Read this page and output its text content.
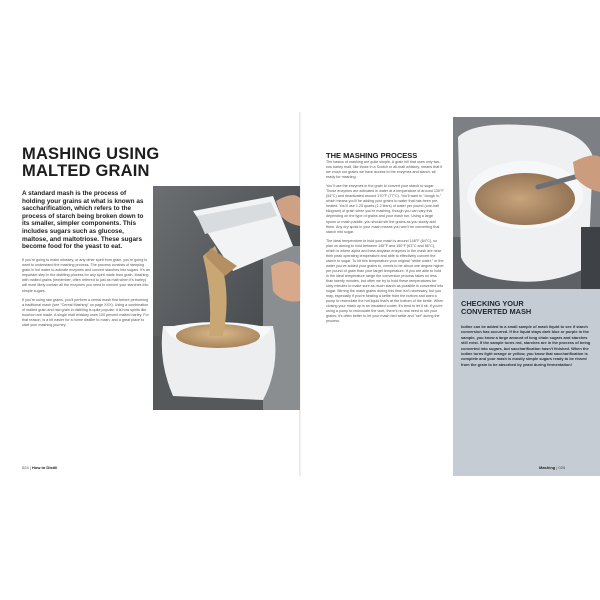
MASHING USING
MALTED GRAIN

A standard mash is the process of holding your grains at what is known as saccharification, which refers to the process of starch being broken down to its smaller, simpler components. This includes sugars such as glucose, maltose, and maltotriose. These sugars become food for the yeast to eat.

If you're going to make whiskey, or any other spirit from grain, you're going to want to understand the mashing process. The process consists of steeping grain in hot water to activate enzymes and convert starches into sugars. It's an important step in the distilling process for any spirit made from grain. Mashing with malted grains (remember, often referred to just as malt when it's barley) will most likely contain all the enzymes you need to convert your starches into simple sugars.

If you're using raw grains, you'll perform a cereal mash first before performing a traditional mash (see "Cereal Mashing" on page XXX). Using a combination of malted grain and raw grain in distilling is quite popular: it is how spirits like bourbon are made. A single malt whiskey uses 100 percent malted barley. For that reason, is a bit easier for a home distiller to mash, and a great place to start your mashing journey.

024 | How to Distill
THE MASHING PROCESS

The basics of mashing are quite simple. A grain bill that uses only two-row barley malt, like those in a Scotch or all-malt whiskey, means that if we crush our grains we have access to the enzymes and starch, all ready for mashing.

You'll use the enzymes in the grain to convert your starch to sugar. Those enzymes are activated in water at a temperature of around 130°F (54°C) and deactivated around 170°F (77°C). You'll want to "dough in," which means you'll be adding your grains to water that has been pre-heated. You'll use 1.25 quarts (1.2 liters) of water per pound (one-half kilogram) of grain when you're mashing, though you can vary this depending on the type of grains and your mash tun. Using a large spoon or mash paddle, you should stir the grains as you slowly add them. Any dry spots in your mash means you won't be converting that starch into sugar.

The ideal temperature to hold your mash is around 148°F (64°C), so plan on aiming to hold between 145°F and 150°F (63°C and 66°C), which is where alpha and beta amylase enzymes in the mash are near their peak operating temperature and able to effectively convert the starch to sugar. To hit this temperature your original "strike water," or the water you've added your grains to, needs to be about one degree higher per pound of grain than your target temperature. If you are able to hold in the ideal temperature range the conversion process takes no less than twenty minutes, but often we try to hold these temperatures for sixty minutes to make sure as much starch as possible is converted into sugar. Stirring the mash grains during this time isn't necessary, but you may, especially if you're heating a kettle from the bottom and want a pump to recirculate the hot liquid that's at the bottom of the kettle. When closing your mash up in an insulated cooler, it's best to let it sit. If you're using a pump to recirculate the wort, there's no real need to stir your grains; it's often better to let your mash bed settle and "set" during the process.

CHECKING YOUR
CONVERTED MASH

Iodine can be added to a small sample of mash liquid to see if starch conversion has occurred. If the liquid stays dark blue or purple in the sample, you know a large amount of long chain sugars and starches still exist. If the sample turns red, starches are in the process of being converted into sugars, but saccharification hasn't finished. When the iodine turns light orange or yellow, you know that saccharification is complete and your mash is mostly simple sugars ready to be rinsed from the grain to be absorbed by yeast during fermentation!

Mashing | 025
